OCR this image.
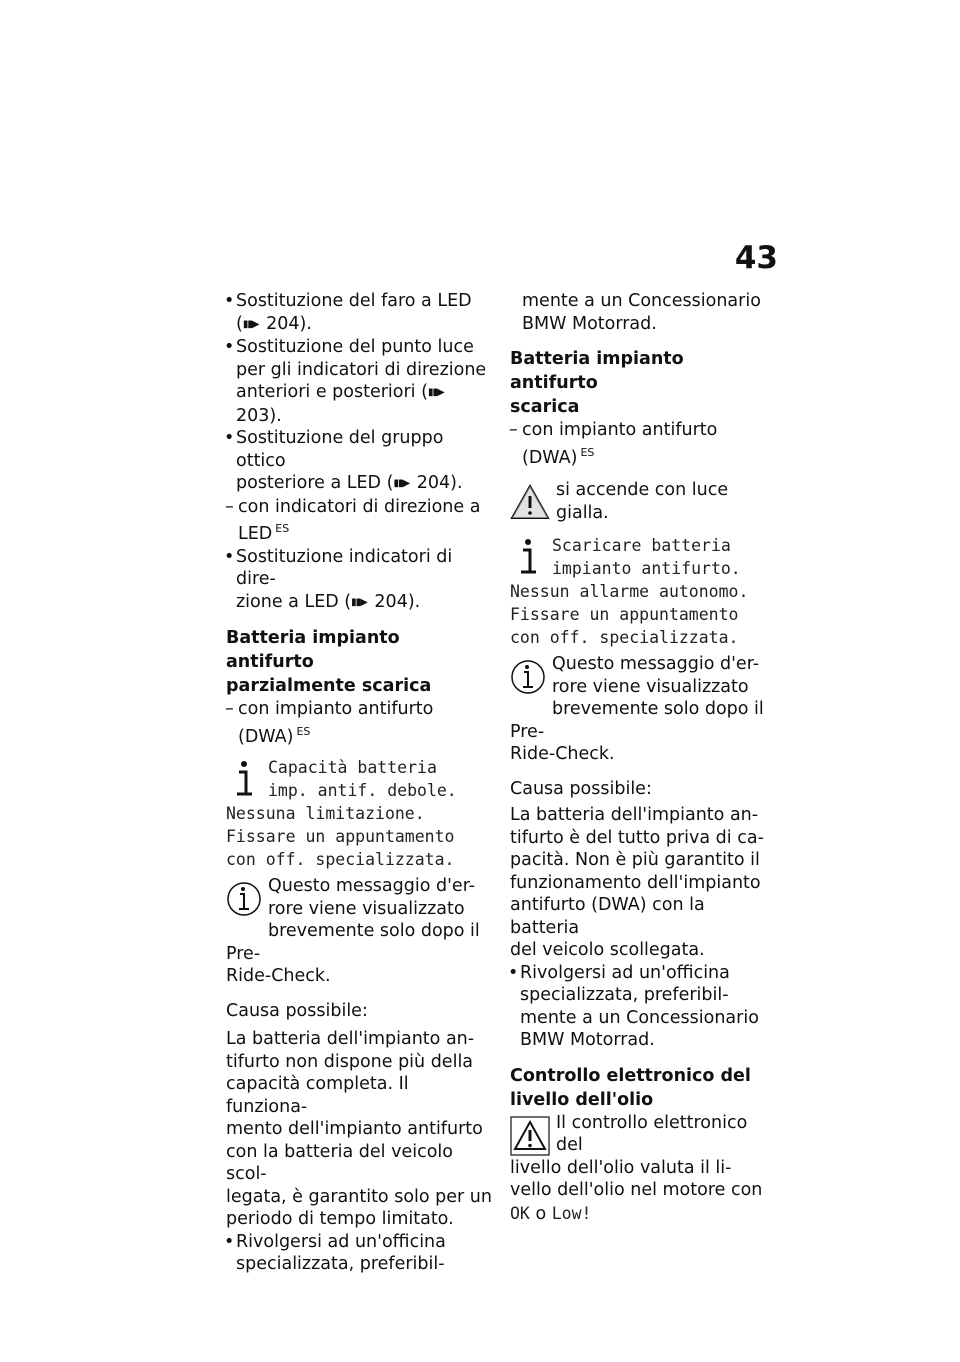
43
• Sostituzione del faro a LED
(▮▮▶ 204).
• Sostituzione del punto luce
per gli indicatori di direzione
anteriori e posteriori (▮▮▶ 203).
• Sostituzione del gruppo ottico
posteriore a LED (▮▮▶ 204).
– con indicatori di direzione a
LED $^{ES}$
• Sostituzione indicatori di dire-
zione a LED (▮▮▶ 204).
Batteria impianto antifurto
parzialmente scarica
– con impianto antifurto
(DWA) $^{ES}$
Capacità batteria
imp. antif. debole.
Nessuna limitazione.
Fissare un appuntamento
con off. specializzata.
Questo messaggio d'er-
rore viene visualizzato
brevemente solo dopo il Pre-
Ride-Check.
Causa possibile:
La batteria dell'impianto an-
tifurto non dispone più della
capacità completa. Il funziona-
mento dell'impianto antifurto
con la batteria del veicolo scol-
legata, è garantito solo per un
periodo di tempo limitato.
• Rivolgersi ad un'officina
specializzata, preferibil-
mente a un Concessionario
BMW Motorrad.
Batteria impianto antifurto
scarica
– con impianto antifurto
(DWA) $^{ES}$
si accende con luce gialla.
Scaricare batteria
impianto antifurto.
Nessun allarme autonomo.
Fissare un appuntamento
con off. specializzata.
Questo messaggio d'er-
rore viene visualizzato
brevemente solo dopo il Pre-
Ride-Check.
Causa possibile:
La batteria dell'impianto an-
tifurto è del tutto priva di ca-
pacità. Non è più garantito il
funzionamento dell'impianto
antifurto (DWA) con la batteria
del veicolo scollegata.
• Rivolgersi ad un'officina
specializzata, preferibil-
mente a un Concessionario
BMW Motorrad.
Controllo elettronico del
livello dell'olio
Il controllo elettronico del
livello dell'olio valuta il li-
vello dell'olio nel motore con
OK o Low!
